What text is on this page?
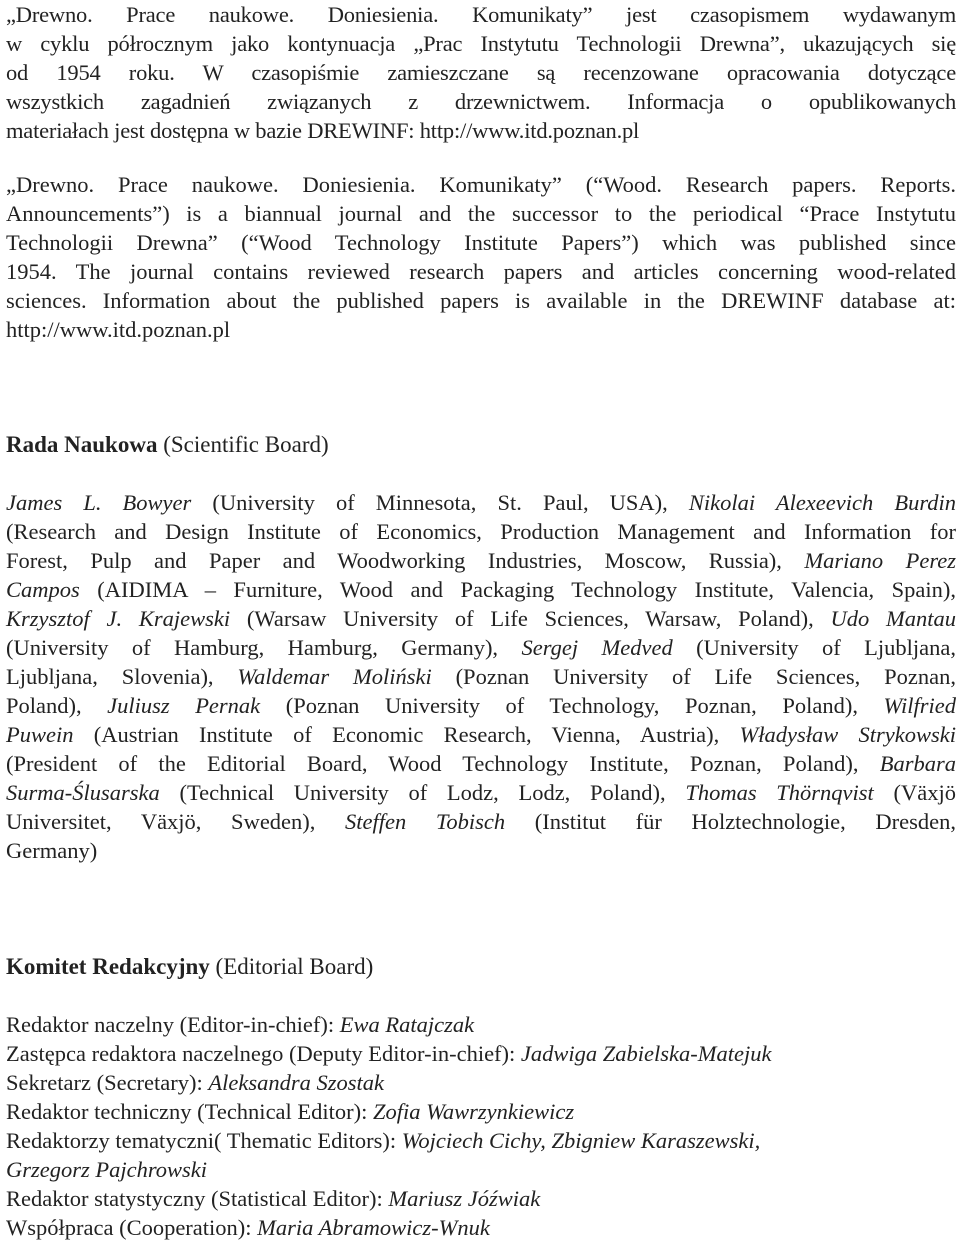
„Drewno. Prace naukowe. Doniesienia. Komunikaty” jest czasopismem wydawanym
w cyklu półrocznym jako kontynuacja „Prac Instytutu Technologii Drewna”, ukazujących się
od 1954 roku. W czasopiśmie zamieszczane są recenzowane opracowania dotyczące
wszystkich zagadnień związanych z drzewnictwem. Informacja o opublikowanych
materiałach jest dostępna w bazie DREWINF: http://www.itd.poznan.pl
„Drewno. Prace naukowe. Doniesienia. Komunikaty” (“Wood. Research papers. Reports.
Announcements”) is a biannual journal and the successor to the periodical “Prace Instytutu
Technologii Drewna” (“Wood Technology Institute Papers”) which was published since
1954. The journal contains reviewed research papers and articles concerning wood-related
sciences. Information about the published papers is available in the DREWINF database at:
http://www.itd.poznan.pl
Rada Naukowa (Scientific Board)
James L. Bowyer (University of Minnesota, St. Paul, USA), Nikolai Alexeevich Burdin
(Research and Design Institute of Economics, Production Management and Information for
Forest, Pulp and Paper and Woodworking Industries, Moscow, Russia), Mariano Perez
Campos (AIDIMA – Furniture, Wood and Packaging Technology Institute, Valencia, Spain),
Krzysztof J. Krajewski (Warsaw University of Life Sciences, Warsaw, Poland), Udo Mantau
(University of Hamburg, Hamburg, Germany), Sergej Medved (University of Ljubljana,
Ljubljana, Slovenia), Waldemar Moliński (Poznan University of Life Sciences, Poznan,
Poland), Juliusz Pernak (Poznan University of Technology, Poznan, Poland), Wilfried
Puwein (Austrian Institute of Economic Research, Vienna, Austria), Władysław Strykowski
(President of the Editorial Board, Wood Technology Institute, Poznan, Poland), Barbara
Surma-Ślusarska (Technical University of Lodz, Lodz, Poland), Thomas Thörnqvist (Växjö
Universitet, Växjö, Sweden), Steffen Tobisch (Institut für Holztechnologie, Dresden,
Germany)
Komitet Redakcyjny (Editorial Board)
Redaktor naczelny (Editor-in-chief): Ewa Ratajczak
Zastępca redaktora naczelnego (Deputy Editor-in-chief): Jadwiga Zabielska-Matejuk
Sekretarz (Secretary): Aleksandra Szostak
Redaktor techniczny (Technical Editor): Zofia Wawrzynkiewicz
Redaktorzy tematyczni( Thematic Editors): Wojciech Cichy, Zbigniew Karaszewski,
Grzegorz Pajchrowski
Redaktor statystyczny (Statistical Editor): Mariusz Jóźwiak
Współpraca (Cooperation): Maria Abramowicz-Wnuk
